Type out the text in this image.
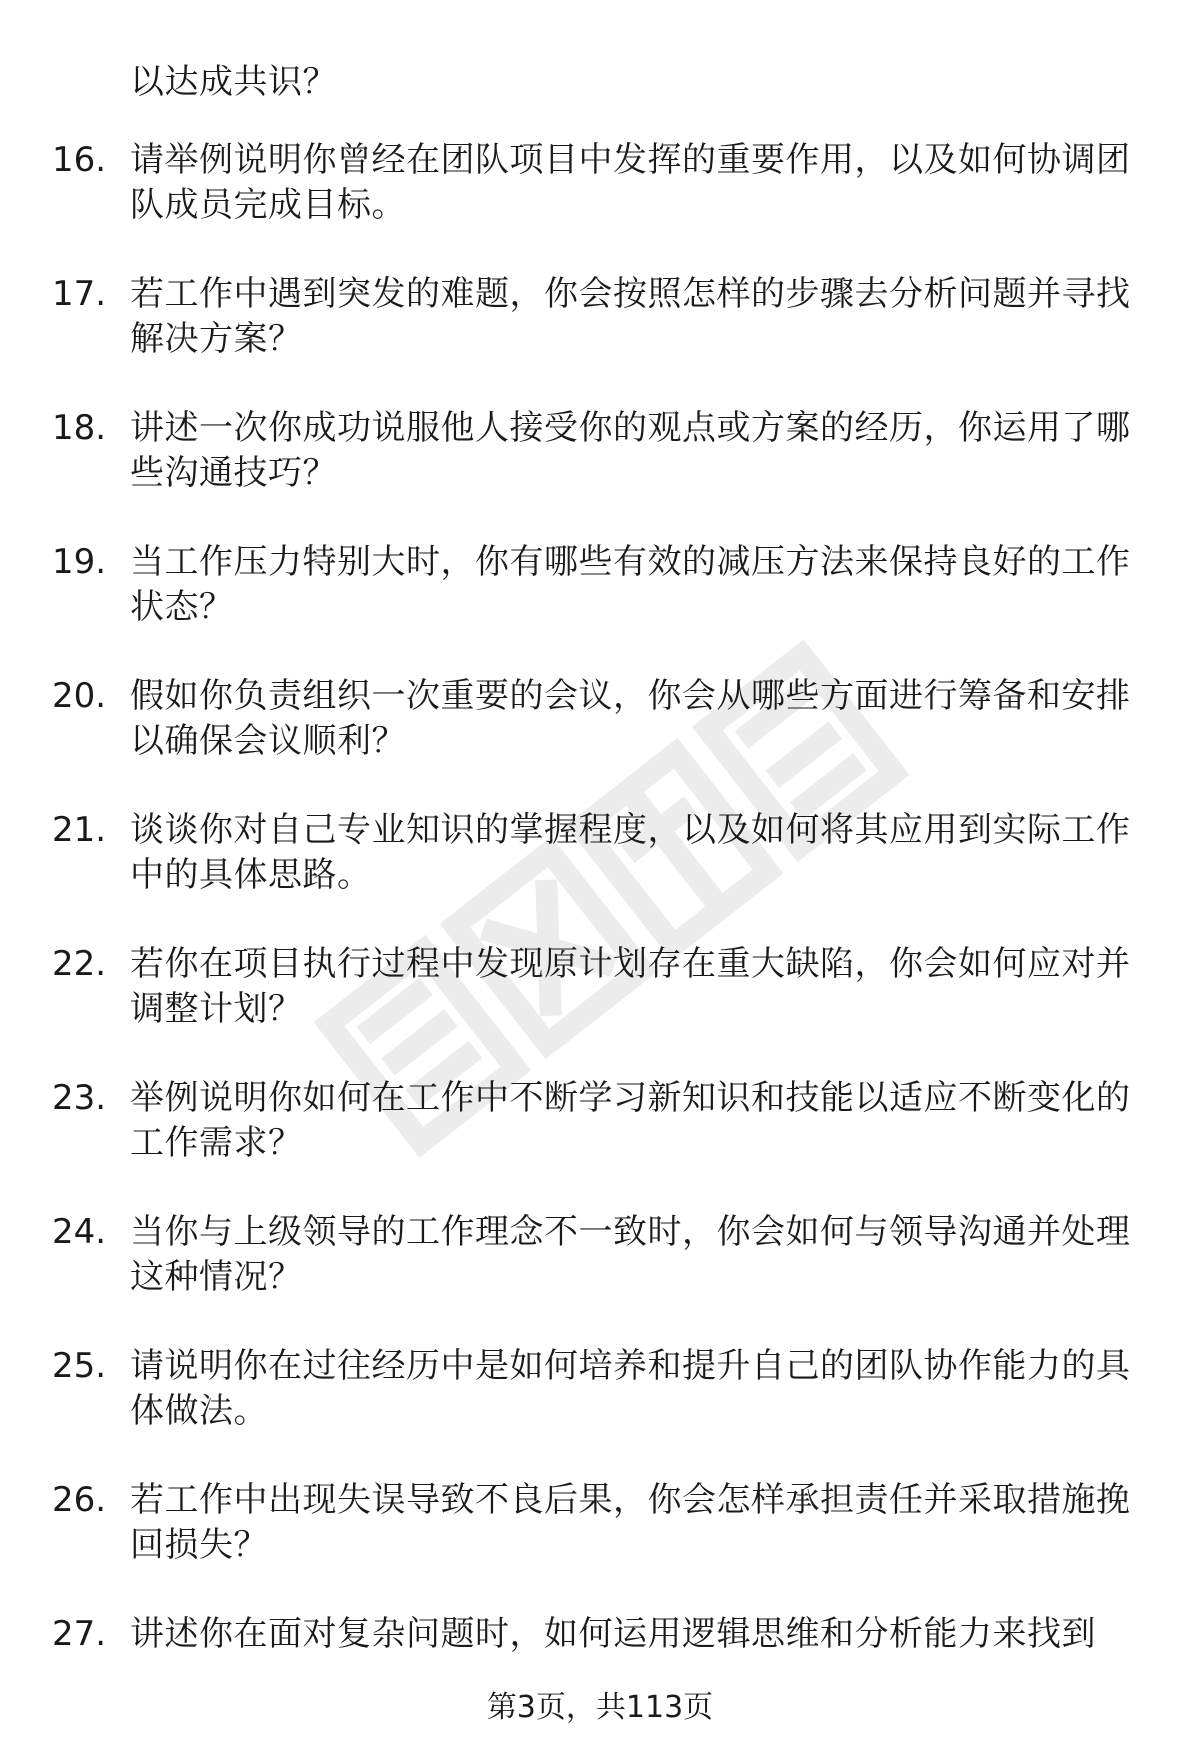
以达成共识？
16. 请举例说明你曾经在团队项目中发挥的重要作用，以及如何协调团队成员完成目标。
17. 若工作中遇到突发的难题，你会按照怎样的步骤去分析问题并寻找解决方案？
18. 讲述一次你成功说服他人接受你的观点或方案的经历，你运用了哪些沟通技巧？
19. 当工作压力特别大时，你有哪些有效的减压方法来保持良好的工作状态？
20. 假如你负责组织一次重要的会议，你会从哪些方面进行筹备和安排以确保会议顺利？
21. 谈谈你对自己专业知识的掌握程度，以及如何将其应用到实际工作中的具体思路。
22. 若你在项目执行过程中发现原计划存在重大缺陷，你会如何应对并调整计划？
23. 举例说明你如何在工作中不断学习新知识和技能以适应不断变化的工作需求？
24. 当你与上级领导的工作理念不一致时，你会如何与领导沟通并处理这种情况？
25. 请说明你在过往经历中是如何培养和提升自己的团队协作能力的具体做法。
26. 若工作中出现失误导致不良后果，你会怎样承担责任并采取措施挽回损失？
27. 讲述你在面对复杂问题时，如何运用逻辑思维和分析能力来找到
第3页，共113页
